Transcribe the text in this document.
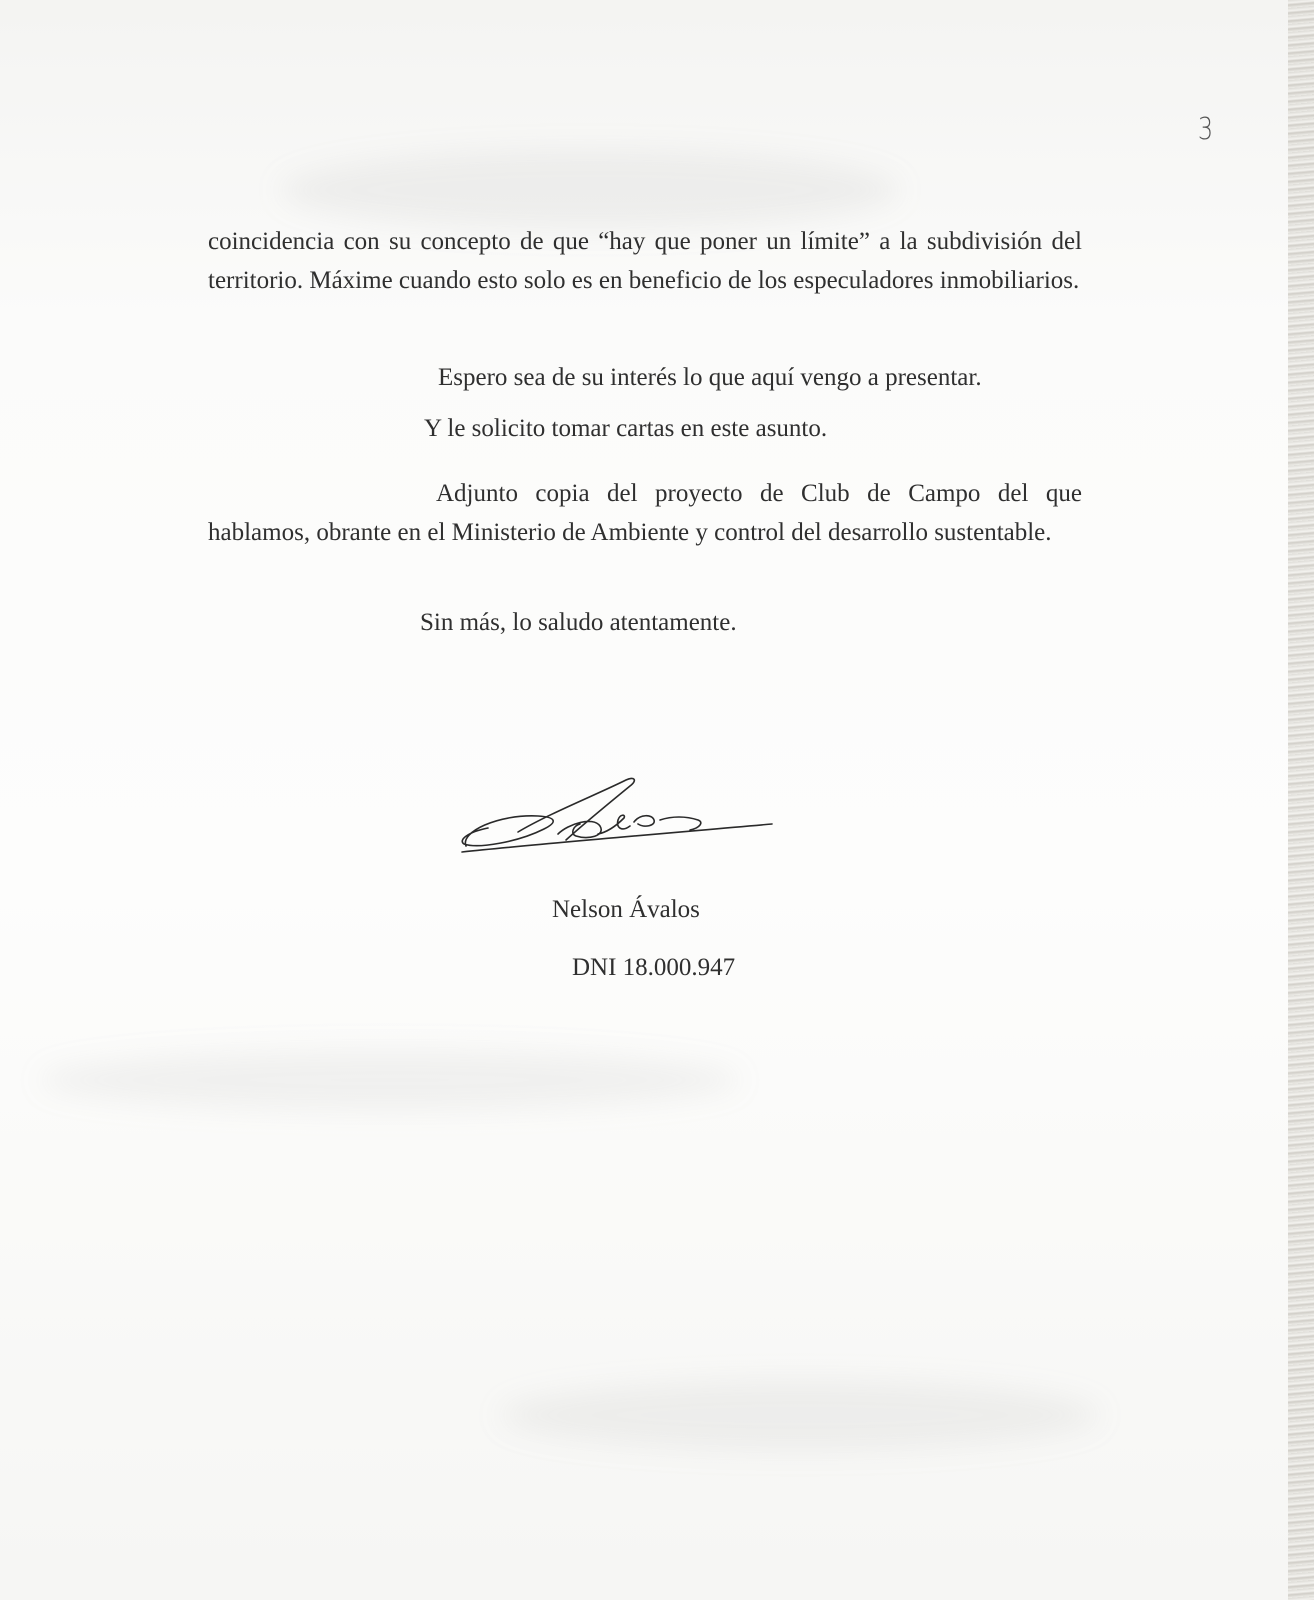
3
coincidencia con su concepto de que “hay que poner un límite” a la subdivisión del territorio. Máxime cuando esto solo es en beneficio de los especuladores inmobiliarios.
Espero sea de su interés lo que aquí vengo a presentar.
Y le solicito tomar cartas en este asunto.
Adjunto copia del proyecto de Club de Campo del que hablamos, obrante en el Ministerio de Ambiente y control del desarrollo sustentable.
Sin más, lo saludo atentamente.
Nelson Ávalos
DNI 18.000.947
